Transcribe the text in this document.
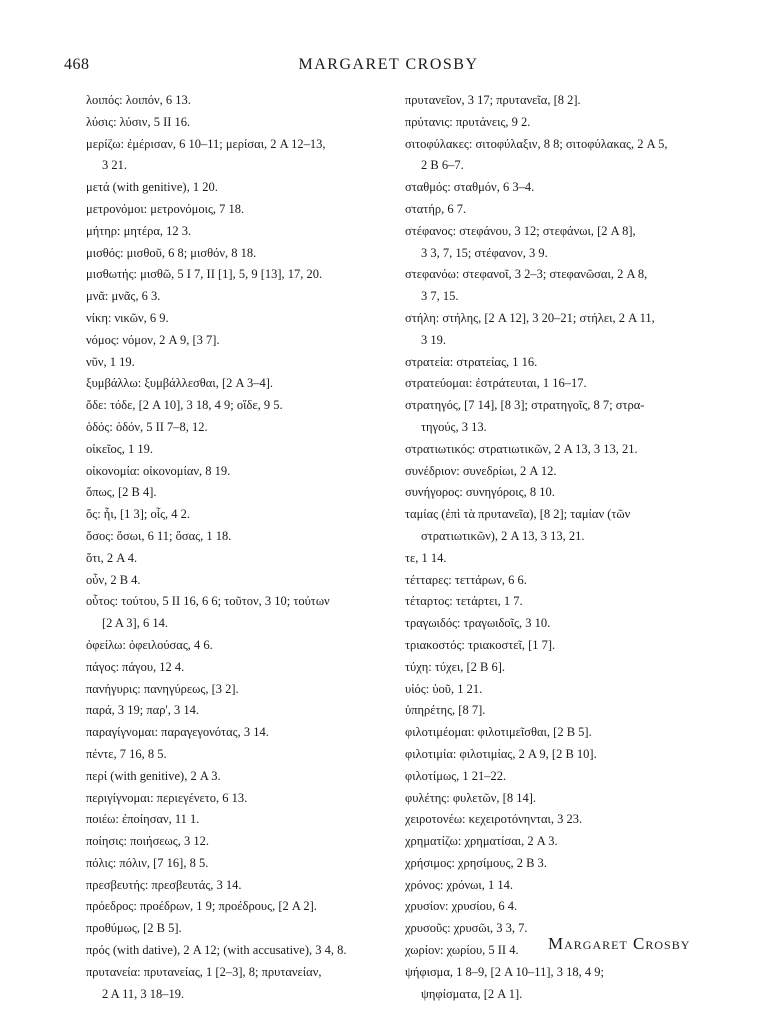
468	MARGARET CROSBY
λοιπός: λοιπόν, 6 13.
λύσις: λύσιν, 5 ΙΙ 16.
μερίζω: ἐμέρισαν, 6 10–11; μερίσαι, 2 A 12–13,
3 21.
μετά (with genitive), 1 20.
μετρονόμοι: μετρονόμοις, 7 18.
μήτηρ: μητέρα, 12 3.
μισθός: μισθοῦ, 6 8; μισθόν, 8 18.
μισθωτής: μισθῶ, 5 Ι 7, ΙΙ [1], 5, 9 [13], 17, 20.
μνᾶ: μνᾶς, 6 3.
νίκη: νικῶν, 6 9.
νόμος: νόμον, 2 A 9, [3 7].
νῦν, 1 19.
ξυμβάλλω: ξυμβάλλεσθαι, [2 A 3–4].
ὅδε: τόδε, [2 A 10], 3 18, 4 9; οἵδε, 9 5.
ὁδός: ὁδόν, 5 ΙΙ 7–8, 12.
οἰκεῖος, 1 19.
οἰκονομία: οἰκονομίαν, 8 19.
ὅπως, [2 B 4].
ὅς: ἧι, [1 3]; οἷς, 4 2.
ὅσος: ὅσωι, 6 11; ὅσας, 1 18.
ὅτι, 2 A 4.
οὖν, 2 B 4.
οὗτος: τούτου, 5 ΙΙ 16, 6 6; τοῦτον, 3 10; τούτων
[2 A 3], 6 14.
ὀφείλω: ὀφειλούσας, 4 6.
πάγος: πάγου, 12 4.
πανήγυρις: πανηγύρεως, [3 2].
παρά, 3 19; παρ', 3 14.
παραγίγνομαι: παραγεγονότας, 3 14.
πέντε, 7 16, 8 5.
περί (with genitive), 2 A 3.
περιγίγνομαι: περιεγένετο, 6 13.
ποιέω: ἐποίησαν, 11 1.
ποίησις: ποιήσεως, 3 12.
πόλις: πόλιν, [7 16], 8 5.
πρεσβευτής: πρεσβευτάς, 3 14.
πρόεδρος: προέδρων, 1 9; προέδρους, [2 A 2].
προθύμως, [2 B 5].
πρός (with dative), 2 A 12; (with accusative), 3 4, 8.
πρυτανεία: πρυτανείας, 1 [2–3], 8; πρυτανείαν,
2 A 11, 3 18–19.
πρυτανεῖον, 3 17; πρυτανεῖα, [8 2].
πρύτανις: πρυτάνεις, 9 2.
σιτοφύλακες: σιτοφύλαξιν, 8 8; σιτοφύλακας, 2 A 5,
2 B 6–7.
σταθμός: σταθμόν, 6 3–4.
στατήρ, 6 7.
στέφανος: στεφάνου, 3 12; στεφάνωι, [2 A 8],
3 3, 7, 15; στέφανον, 3 9.
στεφανόω: στεφανοῖ, 3 2–3; στεφανῶσαι, 2 A 8,
3 7, 15.
στήλη: στήλης, [2 A 12], 3 20–21; στήλει, 2 A 11,
3 19.
στρατεία: στρατείας, 1 16.
στρατεύομαι: ἐστράτευται, 1 16–17.
στρατηγός, [7 14], [8 3]; στρατηγοῖς, 8 7; στρα-
τηγούς, 3 13.
στρατιωτικός: στρατιωτικῶν, 2 A 13, 3 13, 21.
συνέδριον: συνεδρίωι, 2 A 12.
συνήγορος: συνηγόροις, 8 10.
ταμίας (ἐπὶ τὰ πρυτανεῖα), [8 2]; ταμίαν (τῶν
στρατιωτικῶν), 2 A 13, 3 13, 21.
τε, 1 14.
τέτταρες: τεττάρων, 6 6.
τέταρτος: τετάρτει, 1 7.
τραγωιδός: τραγωιδοῖς, 3 10.
τριακοστός: τριακοστεῖ, [1 7].
τύχη: τύχει, [2 B 6].
υἱός: ὑοῦ, 1 21.
ὑπηρέτης, [8 7].
φιλοτιμέομαι: φιλοτιμεῖσθαι, [2 B 5].
φιλοτιμία: φιλοτιμίας, 2 A 9, [2 B 10].
φιλοτίμως, 1 21–22.
φυλέτης: φυλετῶν, [8 14].
χειροτονέω: κεχειροτόνηνται, 3 23.
χρηματίζω: χρηματίσαι, 2 A 3.
χρήσιμος: χρησίμους, 2 B 3.
χρόνος: χρόνωι, 1 14.
χρυσίον: χρυσίου, 6 4.
χρυσοῦς: χρυσῶι, 3 3, 7.
χωρίον: χωρίου, 5 ΙΙ 4.
ψήφισμα, 1 8–9, [2 A 10–11], 3 18, 4 9;
ψηφίσματα, [2 A 1].
Margaret Crosby
